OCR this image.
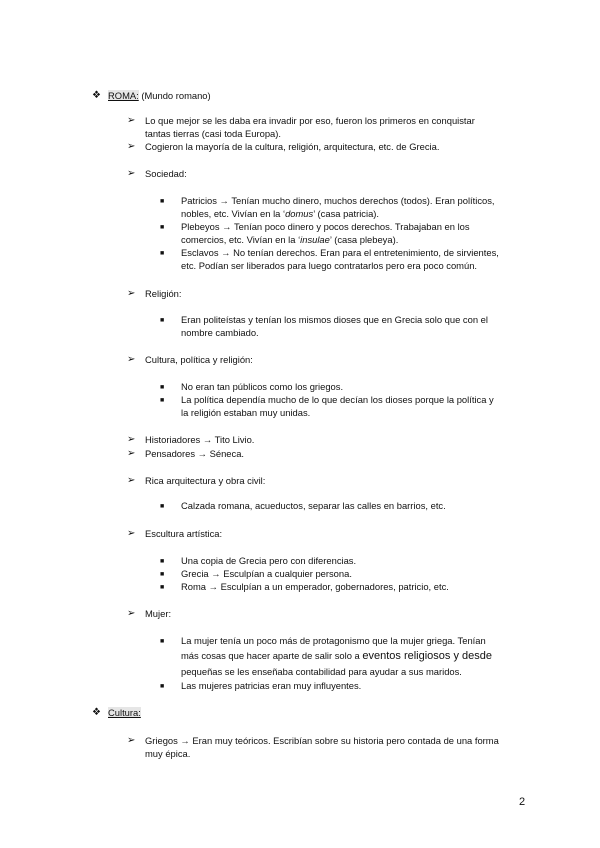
❖ ROMA: (Mundo romano)
➢ Lo que mejor se les daba era invadir por eso, fueron los primeros en conquistar
tantas tierras (casi toda Europa).
➢ Cogieron la mayoría de la cultura, religión, arquitectura, etc. de Grecia.
➢ Sociedad:
■ Patricios → Tenían mucho dinero, muchos derechos (todos). Eran políticos,
nobles, etc. Vivían en la ‘domus’ (casa patricia).
■ Plebeyos → Tenían poco dinero y pocos derechos. Trabajaban en los
comercios, etc. Vivían en la ‘insulae’ (casa plebeya).
■ Esclavos → No tenían derechos. Eran para el entretenimiento, de sirvientes,
etc. Podían ser liberados para luego contratarlos pero era poco común.
➢ Religión:
■ Eran politeístas y tenían los mismos dioses que en Grecia solo que con el
nombre cambiado.
➢ Cultura, política y religión:
■ No eran tan públicos como los griegos.
■ La política dependía mucho de lo que decían los dioses porque la política y
la religión estaban muy unidas.
➢ Historiadores → Tito Livio.
➢ Pensadores → Séneca.
➢ Rica arquitectura y obra civil:
■ Calzada romana, acueductos, separar las calles en barrios, etc.
➢ Escultura artística:
■ Una copia de Grecia pero con diferencias.
■ Grecia → Esculpían a cualquier persona.
■ Roma → Esculpían a un emperador, gobernadores, patricio, etc.
➢ Mujer:
■ La mujer tenía un poco más de protagonismo que la mujer griega. Tenían
más cosas que hacer aparte de salir solo a eventos religiosos y desde
pequeñas se les enseñaba contabilidad para ayudar a sus maridos.
■ Las mujeres patricias eran muy influyentes.
❖ Cultura:
➢ Griegos → Eran muy teóricos. Escribían sobre su historia pero contada de una forma
muy épica.
2
